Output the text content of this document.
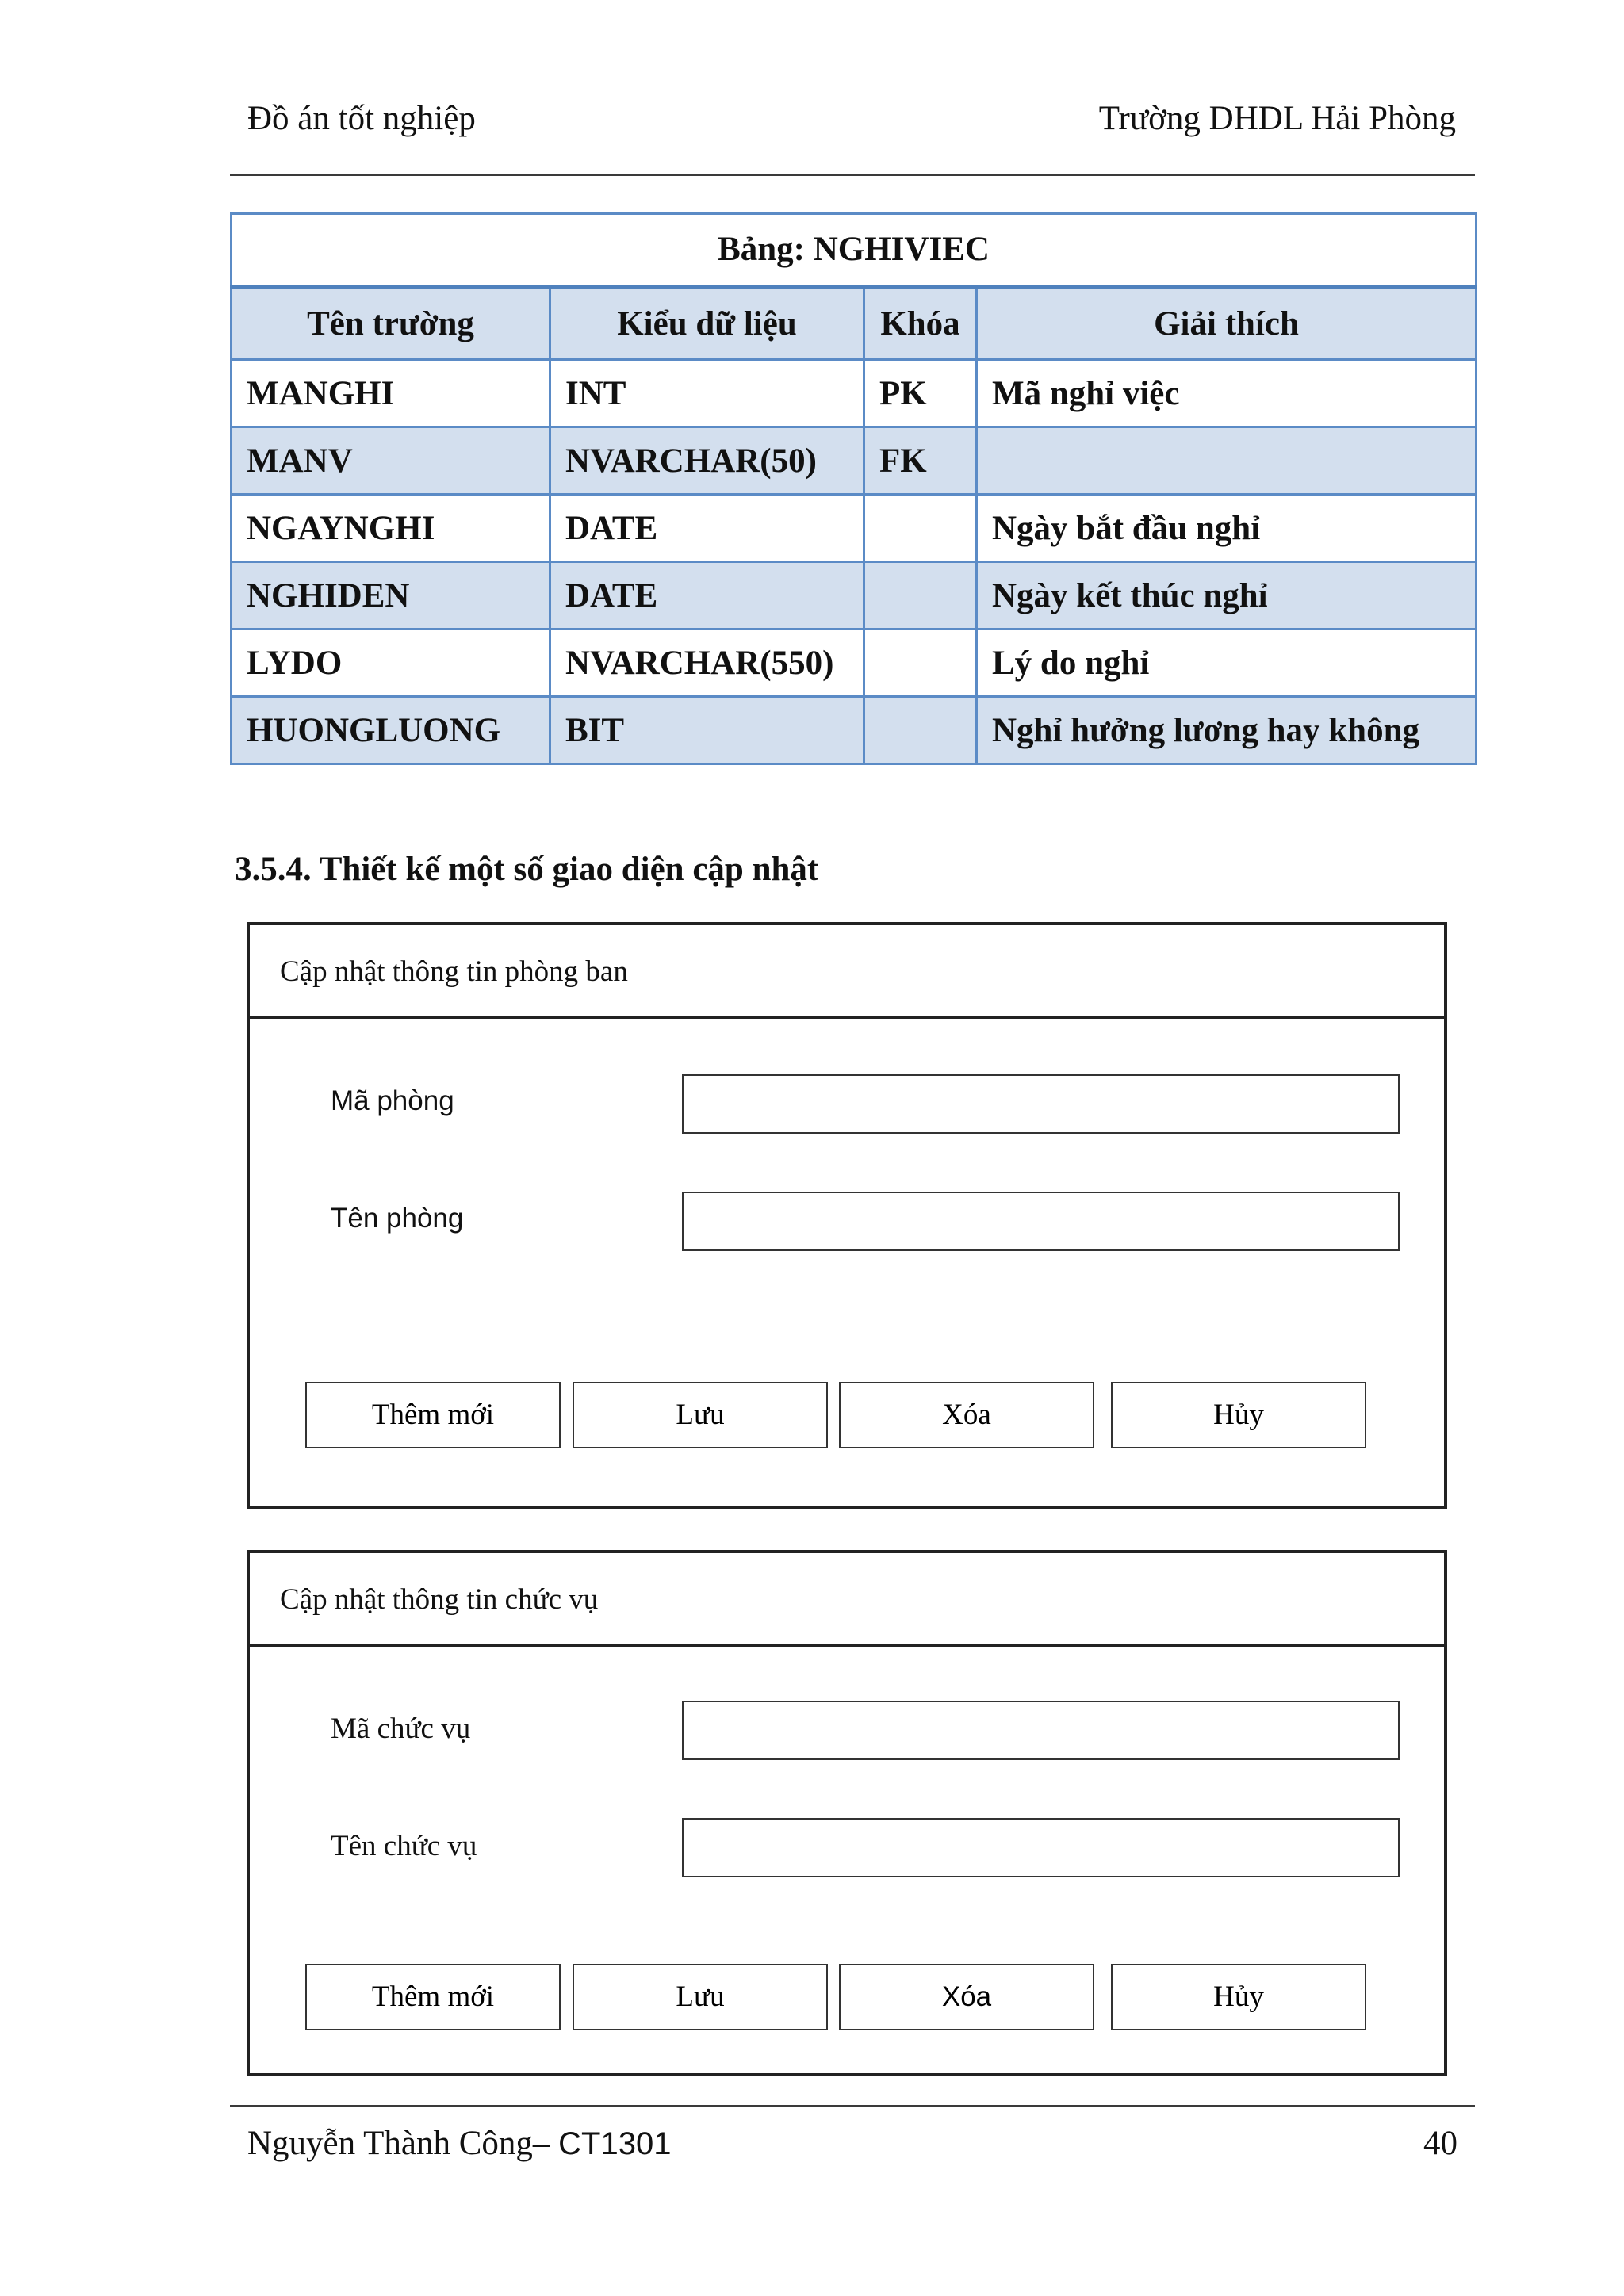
Đồ án tốt nghiệp	Trường DHDL Hải Phòng
Bảng: NGHIVIEC			
Tên trường	Kiểu dữ liệu	Khóa	Giải thích
MANGHI	INT	PK	Mã nghỉ việc
MANV	NVARCHAR(50)	FK	
NGAYNGHI	DATE		Ngày bắt đầu nghỉ
NGHIDEN	DATE		Ngày kết thúc nghỉ
LYDO	NVARCHAR(550)		Lý do nghỉ
HUONGLUONG	BIT		Nghỉ hưởng lương hay không
3.5.4. Thiết kế một số giao diện cập nhật
Cập nhật thông tin phòng ban
Mã phòng
Tên phòng
Thêm mới	Lưu	Xóa	Hủy
Cập nhật thông tin chức vụ
Mã chức vụ
Tên chức vụ
Thêm mới	Lưu	Xóa	Hủy
Nguyễn Thành Công– CT1301	40
